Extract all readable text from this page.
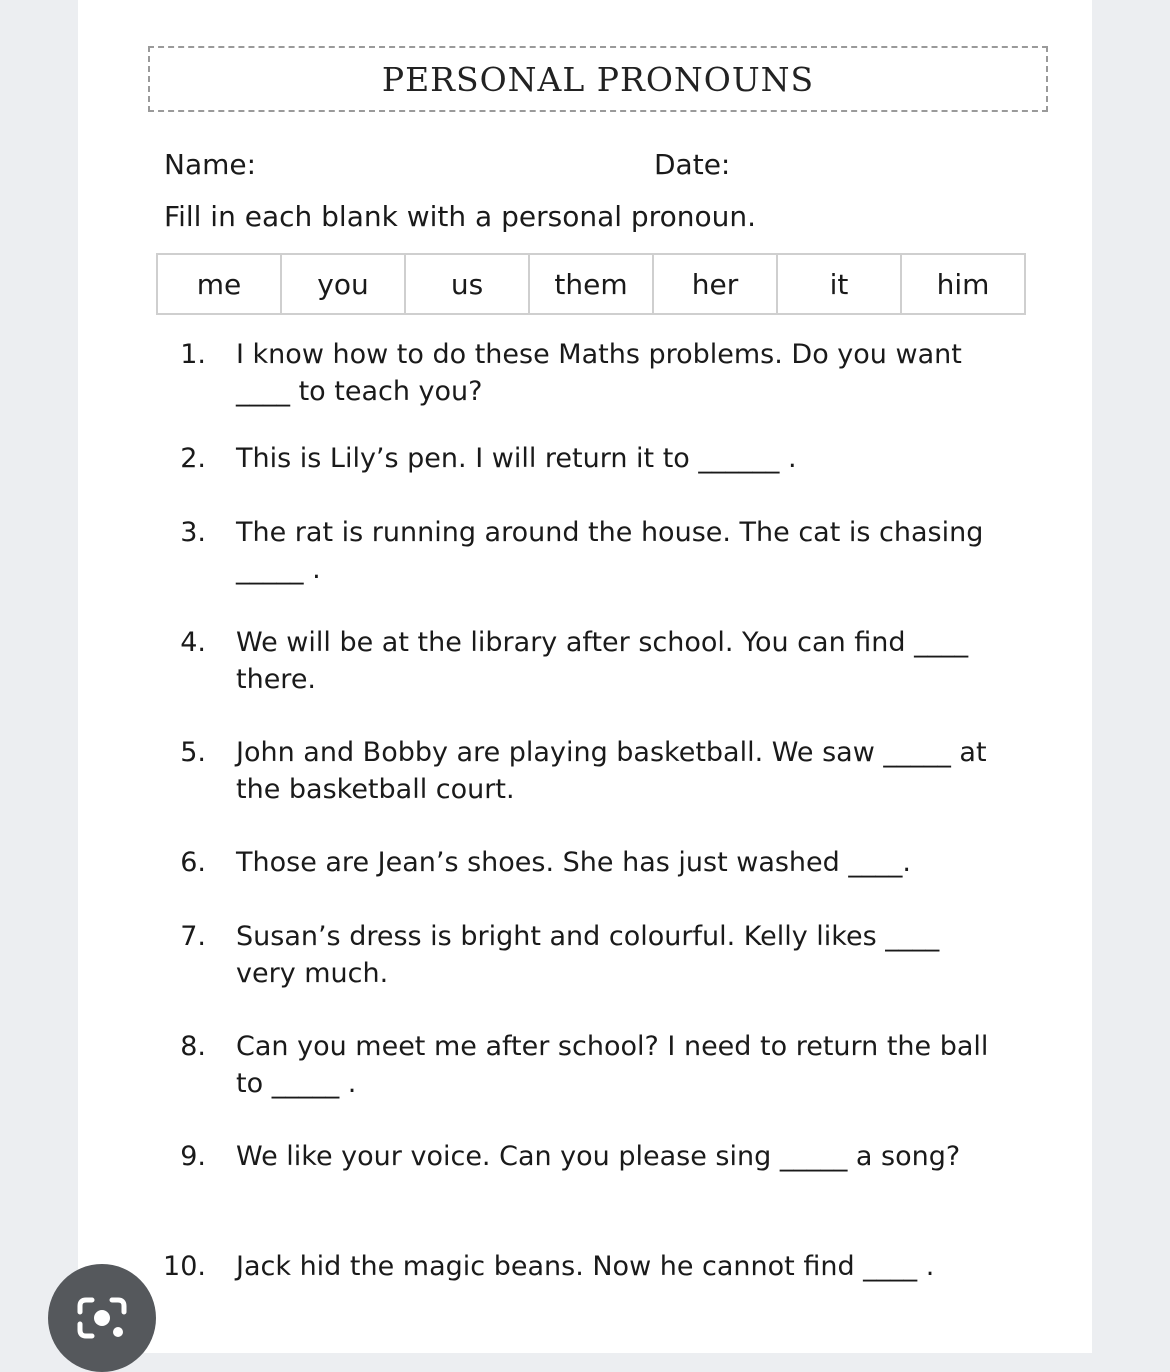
PERSONAL PRONOUNS
Name:	Date:
Fill in each blank with a personal pronoun.
me	you	us	them	her	it	him
1.	I know how to do these Maths problems. Do you want ____ to teach you?
2.	This is Lily’s pen. I will return it to ______ .
3.	The rat is running around the house. The cat is chasing _____ .
4.	We will be at the library after school. You can find ____ there.
5.	John and Bobby are playing basketball. We saw _____ at the basketball court.
6.	Those are Jean’s shoes. She has just washed ____.
7.	Susan’s dress is bright and colourful. Kelly likes ____ very much.
8.	Can you meet me after school? I need to return the ball to _____ .
9.	We like your voice. Can you please sing _____ a song?
10.	Jack hid the magic beans. Now he cannot find ____ .
